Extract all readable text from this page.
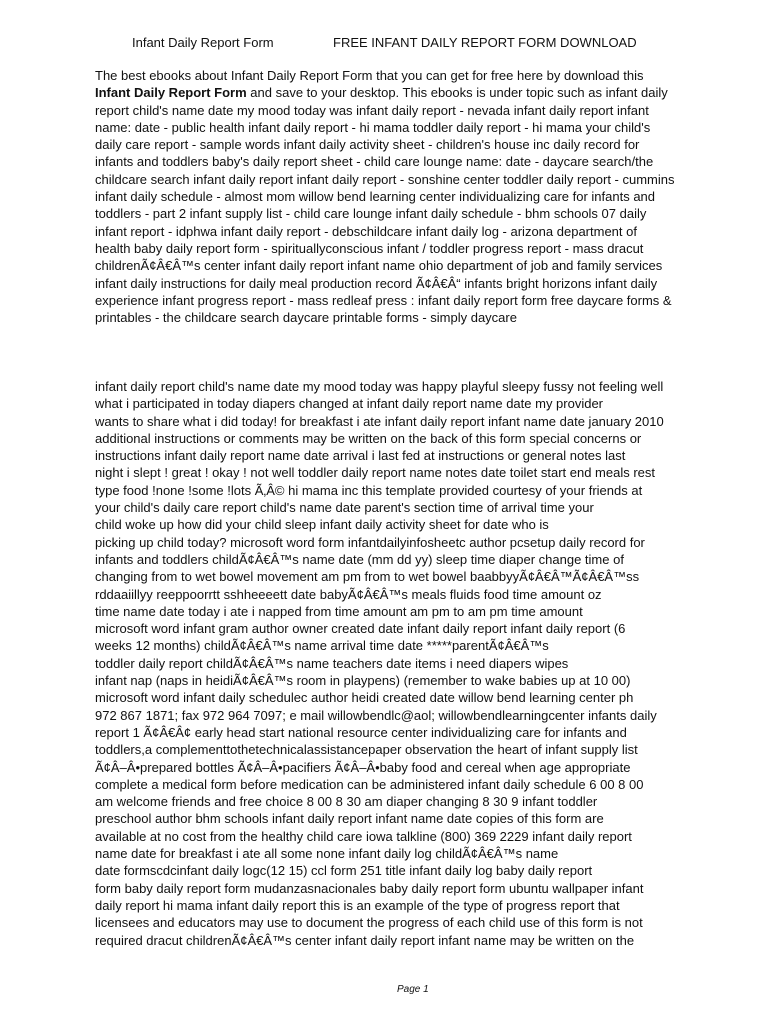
Infant Daily Report Form	FREE INFANT DAILY REPORT FORM DOWNLOAD
The best ebooks about Infant Daily Report Form that you can get for free here by download this
Infant Daily Report Form and save to your desktop. This ebooks is under topic such as infant daily
report child's name date my mood today was infant daily report - nevada infant daily report infant
name: date - public health infant daily report - hi mama toddler daily report - hi mama your child's
daily care report - sample words infant daily activity sheet - children's house inc daily record for
infants and toddlers baby's daily report sheet - child care lounge name: date - daycare search/the
childcare search infant daily report infant daily report - sonshine center toddler daily report - cummins
infant daily schedule - almost mom willow bend learning center individualizing care for infants and
toddlers - part 2 infant supply list - child care lounge infant daily schedule - bhm schools 07 daily
infant report - idphwa infant daily report - debschildcare infant daily log - arizona department of
health baby daily report form - spirituallyconscious infant / toddler progress report - mass dracut
childrenÃ¢Â€Â™s center infant daily report infant name ohio department of job and family services
infant daily instructions for daily meal production record Ã¢Â€Â“ infants bright horizons infant daily
experience infant progress report - mass redleaf press : infant daily report form free daycare forms &
printables - the childcare search daycare printable forms - simply daycare
infant daily report child's name date my mood today was happy playful sleepy fussy not feeling well
what i participated in today diapers changed at infant daily report name date my provider
wants to share what i did today! for breakfast i ate infant daily report infant name date january 2010
additional instructions or comments may be written on the back of this form special concerns or
instructions infant daily report name date arrival i last fed at instructions or general notes last
night i slept ! great ! okay ! not well toddler daily report name notes date toilet start end meals rest
type food !none !some !lots Ã‚Â© hi mama inc this template provided courtesy of your friends at
your child's daily care report child's name date parent's section time of arrival time your
child woke up how did your child sleep infant daily activity sheet for date who is
picking up child today? microsoft word form infantdailyinfosheetc author pcsetup daily record for
infants and toddlers childÃ¢Â€Â™s name date (mm dd yy) sleep time diaper change time of
changing from to wet bowel movement am pm from to wet bowel baabbyyÃ¢Â€Â™Ã¢Â€Â™ss
rddaaiillyy reeppoorrtt sshheeeett date babyÃ¢Â€Â™s meals fluids food time amount oz
time name date today i ate i napped from time amount am pm to am pm time amount
microsoft word infant gram author owner created date infant daily report infant daily report (6
weeks 12 months) childÃ¢Â€Â™s name arrival time date *****parentÃ¢Â€Â™s
toddler daily report childÃ¢Â€Â™s name teachers date items i need diapers wipes
infant nap (naps in heidiÃ¢Â€Â™s room in playpens) (remember to wake babies up at 10 00)
microsoft word infant daily schedulec author heidi created date willow bend learning center ph
972 867 1871; fax 972 964 7097; e mail willowbendlc@aol; willowbendlearningcenter infants daily
report 1 Ã¢Â€Â¢ early head start national resource center individualizing care for infants and
toddlers,a complementtothetechnicalassistancepaper observation the heart of infant supply list
Ã¢Â–Â•prepared bottles Ã¢Â–Â•pacifiers Ã¢Â–Â•baby food and cereal when age appropriate
complete a medical form before medication can be administered infant daily schedule 6 00 8 00
am welcome friends and free choice 8 00 8 30 am diaper changing 8 30 9 infant toddler
preschool author bhm schools infant daily report infant name date copies of this form are
available at no cost from the healthy child care iowa talkline (800) 369 2229 infant daily report
name date for breakfast i ate all some none infant daily log childÃ¢Â€Â™s name
date formscdcinfant daily logc(12 15) ccl form 251 title infant daily log baby daily report
form baby daily report form mudanzasnacionales baby daily report form ubuntu wallpaper infant
daily report hi mama infant daily report this is an example of the type of progress report that
licensees and educators may use to document the progress of each child use of this form is not
required dracut childrenÃ¢Â€Â™s center infant daily report infant name may be written on the
Page 1
